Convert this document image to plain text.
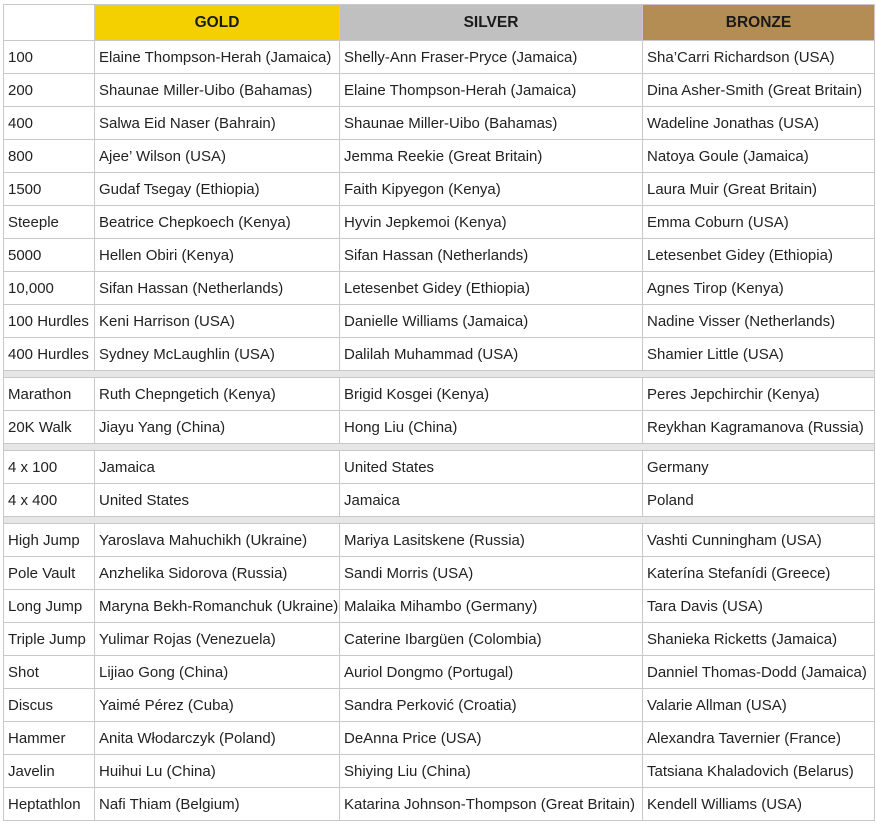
	GOLD	SILVER	BRONZE
100	Elaine Thompson-Herah (Jamaica)	Shelly-Ann Fraser-Pryce (Jamaica)	Sha’Carri Richardson (USA)
200	Shaunae Miller-Uibo (Bahamas)	Elaine Thompson-Herah (Jamaica)	Dina Asher-Smith (Great Britain)
400	Salwa Eid Naser (Bahrain)	Shaunae Miller-Uibo (Bahamas)	Wadeline Jonathas (USA)
800	Ajee’ Wilson (USA)	Jemma Reekie (Great Britain)	Natoya Goule (Jamaica)
1500	Gudaf Tsegay (Ethiopia)	Faith Kipyegon (Kenya)	Laura Muir (Great Britain)
Steeple	Beatrice Chepkoech (Kenya)	Hyvin Jepkemoi (Kenya)	Emma Coburn (USA)
5000	Hellen Obiri (Kenya)	Sifan Hassan (Netherlands)	Letesenbet Gidey (Ethiopia)
10,000	Sifan Hassan (Netherlands)	Letesenbet Gidey (Ethiopia)	Agnes Tirop (Kenya)
100 Hurdles	Keni Harrison (USA)	Danielle Williams (Jamaica)	Nadine Visser (Netherlands)
400 Hurdles	Sydney McLaughlin (USA)	Dalilah Muhammad (USA)	Shamier Little (USA)

Marathon	Ruth Chepngetich (Kenya)	Brigid Kosgei (Kenya)	Peres Jepchirchir (Kenya)
20K Walk	Jiayu Yang (China)	Hong Liu (China)	Reykhan Kagramanova (Russia)

4 x 100	Jamaica	United States	Germany
4 x 400	United States	Jamaica	Poland

High Jump	Yaroslava Mahuchikh (Ukraine)	Mariya Lasitskene (Russia)	Vashti Cunningham (USA)
Pole Vault	Anzhelika Sidorova (Russia)	Sandi Morris (USA)	Katerína Stefanídi (Greece)
Long Jump	Maryna Bekh-Romanchuk (Ukraine)	Malaika Mihambo (Germany)	Tara Davis (USA)
Triple Jump	Yulimar Rojas (Venezuela)	Caterine Ibargüen (Colombia)	Shanieka Ricketts (Jamaica)
Shot	Lijiao Gong (China)	Auriol Dongmo (Portugal)	Danniel Thomas-Dodd (Jamaica)
Discus	Yaimé Pérez (Cuba)	Sandra Perković (Croatia)	Valarie Allman (USA)
Hammer	Anita Włodarczyk (Poland)	DeAnna Price (USA)	Alexandra Tavernier (France)
Javelin	Huihui Lu (China)	Shiying Liu (China)	Tatsiana Khaladovich (Belarus)
Heptathlon	Nafi Thiam (Belgium)	Katarina Johnson-Thompson (Great Britain)	Kendell Williams (USA)
